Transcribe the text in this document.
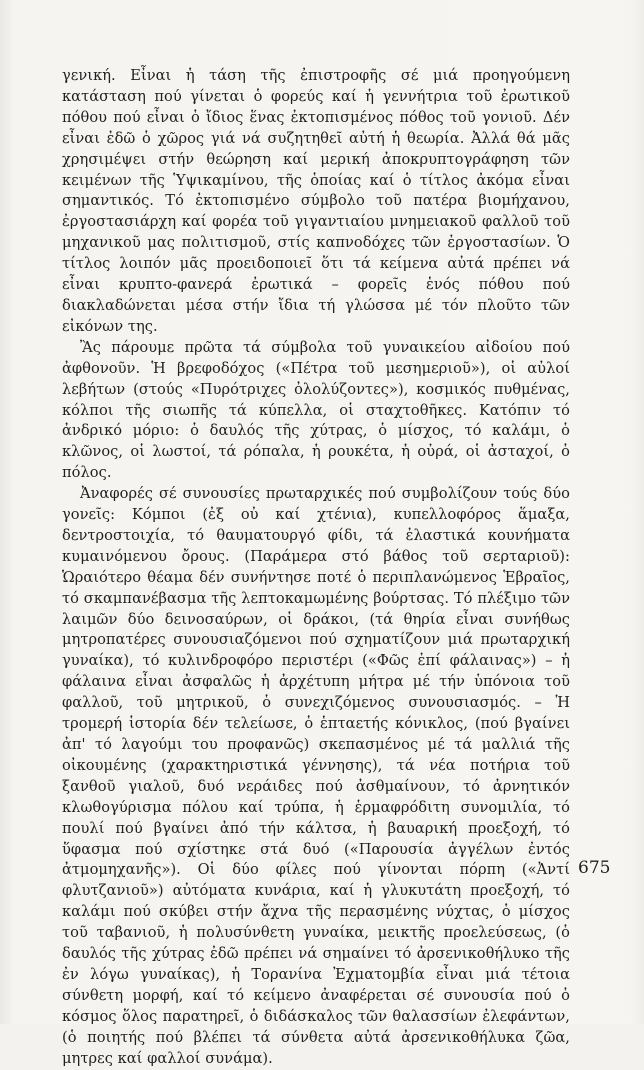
γενική. Εἶναι ἡ τάση τῆς ἐπιστροφῆς σέ μιά προηγούμενη κατάσταση πού γίνεται ὁ φορεύς καί ἡ γεννήτρια τοῦ ἐρωτικοῦ πόθου πού εἶναι ὁ ἴδιος ἕνας ἐκτοπισμένος πόθος τοῦ γονιοῦ. Δέν εἶναι ἐδῶ ὁ χῶρος γιά νά συζητηθεῖ αὐτή ἡ θεωρία. Ἀλλά θά μᾶς χρησιμέψει στήν θεώρηση καί μερική ἀποκρυπτογράφηση τῶν κειμένων τῆς Ὑψικαμίνου, τῆς ὁποίας καί ὁ τίτλος ἀκόμα εἶναι σημαντικός. Τό ἐκτοπισμένο σύμβολο τοῦ πατέρα βιομήχανου, ἐργοστασιάρχη καί φορέα τοῦ γιγαντιαίου μνημειακοῦ φαλλοῦ τοῦ μηχανικοῦ μας πολιτισμοῦ, στίς καπνοδόχες τῶν ἐργοστασίων. Ὁ τίτλος λοιπόν μᾶς προειδοποιεῖ ὅτι τά κείμενα αὐτά πρέπει νά εἶναι κρυπτο-φανερά ἐρωτικά – φορεῖς ἑνός πόθου πού διακλαδώνεται μέσα στήν ἴδια τή γλώσσα μέ τόν πλοῦτο τῶν εἰκόνων της.

Ἂς πάρουμε πρῶτα τά σύμβολα τοῦ γυναικείου αἰδοίου πού ἀφθονοῦν. Ἡ βρεφοδόχος («Πέτρα τοῦ μεσημεριοῦ»), οἱ αὐλοί λεβήτων (στούς «Πυρότριχες ὀλολύζοντες»), κοσμικός πυθμένας, κόλποι τῆς σιωπῆς τά κύπελλα, οἱ σταχτοθῆκες. Κατόπιν τό ἀνδρικό μόριο: ὁ δαυλός τῆς χύτρας, ὁ μίσχος, τό καλάμι, ὁ κλῶνος, οἱ λωστοί, τά ρόπαλα, ἡ ρουκέτα, ἡ οὐρά, οἱ ἀσταχοί, ὁ πόλος.

Ἀναφορές σέ συνουσίες πρωταρχικές πού συμβολίζουν τούς δύο γονεῖς: Κόμποι (ἐξ οὐ καί χτένια), κυπελλοφόρος ἅμαξα, δεντροστοιχία, τό θαυματουργό φίδι, τά ἐλαστικά κουνήματα κυμαινόμενου ὄρους. (Παράμερα στό βάθος τοῦ σερταριοῦ): Ὡραιότερο θέαμα δέν συνήντησε ποτέ ὁ περιπλανώμενος Ἑβραῖος, τό σκαμπανέβασμα τῆς λεπτοκαμωμένης βούρτσας. Τό πλέξιμο τῶν λαιμῶν δύο δεινοσαύρων, οἱ δράκοι, (τά θηρία εἶναι συνήθως μητροπατέρες συνουσιαζόμενοι πού σχηματίζουν μιά πρωταρχική γυναίκα), τό κυλινδροφόρο περιστέρι («Φῶς ἐπί φάλαινας») – ἡ φάλαινα εἶναι ἀσφαλῶς ἡ ἀρχέτυπη μήτρα μέ τήν ὑπόνοια τοῦ φαλλοῦ, τοῦ μητρικοῦ, ὁ συνεχιζόμενος συνουσιασμός. – Ἡ τρομερή ἱστορία δέν τελείωσε, ὁ ἑπταετής κόνικλος, (πού βγαίνει ἀπ' τό λαγούμι του προφανῶς) σκεπασμένος μέ τά μαλλιά τῆς οἰκουμένης (χαρακτηριστικά γέννησης), τά νέα ποτήρια τοῦ ξανθοῦ γιαλοῦ, δυό νεράιδες πού ἀσθμαίνουν, τό ἀρνητικόν κλωθογύρισμα πόλου καί τρύπα, ἡ ἑρμαφρόδιτη συνομιλία, τό πουλί πού βγαίνει ἀπό τήν κάλτσα, ἡ βαυαρική προεξοχή, τό ὕφασμα πού σχίστηκε στά δυό («Παρουσία ἀγγέλων ἐντός ἀτμομηχανῆς»). Οἱ δύο φίλες πού γίνονται πόρπη («Ἀντί φλυτζανιοῦ») αὐτόματα κυνάρια, καί ἡ γλυκυτάτη προεξοχή, τό καλάμι πού σκύβει στήν ἄχνα τῆς περασμένης νύχτας, ὁ μίσχος τοῦ ταβανιοῦ, ἡ πολυσύνθετη γυναίκα, μεικτῆς προελεύσεως, (ὁ δαυλός τῆς χύτρας ἐδῶ πρέπει νά σημαίνει τό ἀρσενικοθήλυκο τῆς ἐν λόγω γυναίκας), ἡ Τορανίνα Ἐχματομβία εἶναι μιά τέτοια σύνθετη μορφή, καί τό κείμενο ἀναφέρεται σέ συνουσία πού ὁ κόσμος ὅλος παρατηρεῖ, ὁ διδάσκαλος τῶν θαλασσίων ἐλεφάντων, (ὁ ποιητής πού βλέπει τά σύνθετα αὐτά ἀρσενικοθήλυκα ζῶα, μητρες καί φαλλοί συνάμα).

675
